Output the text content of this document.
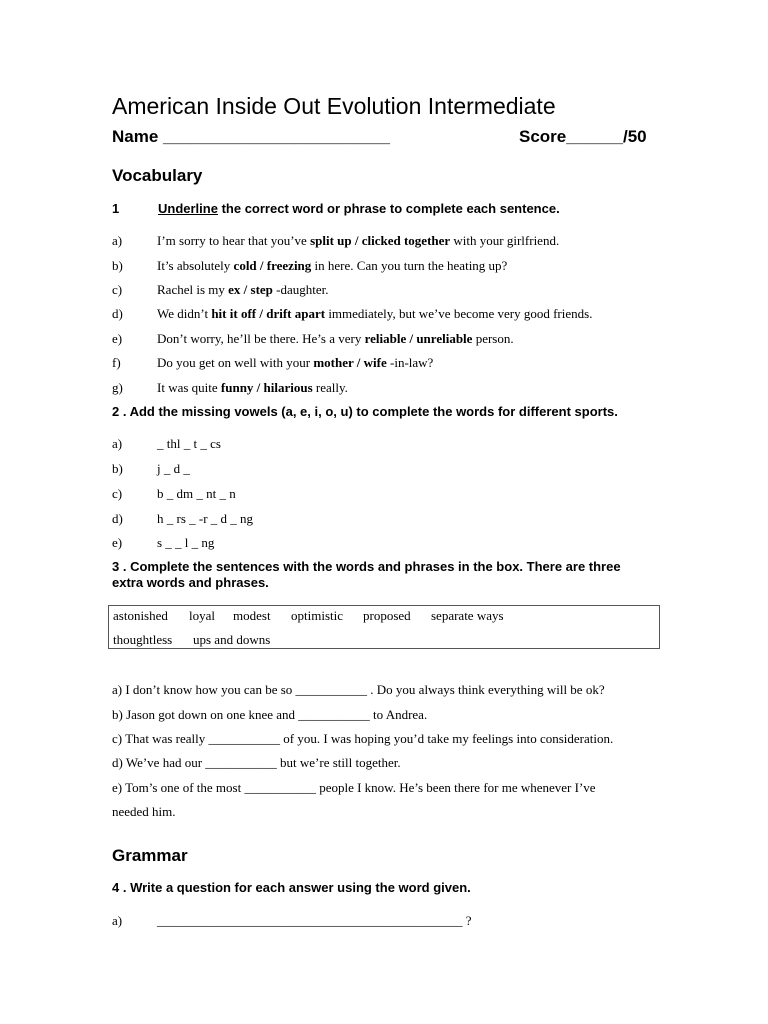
American Inside Out Evolution Intermediate
Name ________________________	Score______/50
Vocabulary
1	Underline the correct word or phrase to complete each sentence.
a)	I’m sorry to hear that you’ve split up / clicked together with your girlfriend.
b)	It’s absolutely cold / freezing in here. Can you turn the heating up?
c)	Rachel is my ex / step -daughter.
d)	We didn’t hit it off / drift apart immediately, but we’ve become very good friends.
e)	Don’t worry, he’ll be there. He’s a very reliable / unreliable person.
f)	Do you get on well with your mother / wife -in-law?
g)	It was quite funny / hilarious really.
2 . Add the missing vowels (a, e, i, o, u) to complete the words for different sports.
a)	_ thl _ t _ cs
b)	j _ d _
c)	b _ dm _ nt _ n
d)	h _ rs _ -r _ d _ ng
e)	s _ _ l _ ng
3 . Complete the sentences with the words and phrases in the box. There are three
extra words and phrases.
astonished loyal modest optimistic proposed separate ways
thoughtless ups and downs
a) I don’t know how you can be so ___________ . Do you always think everything will be ok?
b) Jason got down on one knee and ___________ to Andrea.
c) That was really ___________ of you. I was hoping you’d take my feelings into consideration.
d) We’ve had our ___________ but we’re still together.
e) Tom’s one of the most ___________ people I know. He’s been there for me whenever I’ve
needed him.
Grammar
4 . Write a question for each answer using the word given.
a)	_______________________________________________ ?
